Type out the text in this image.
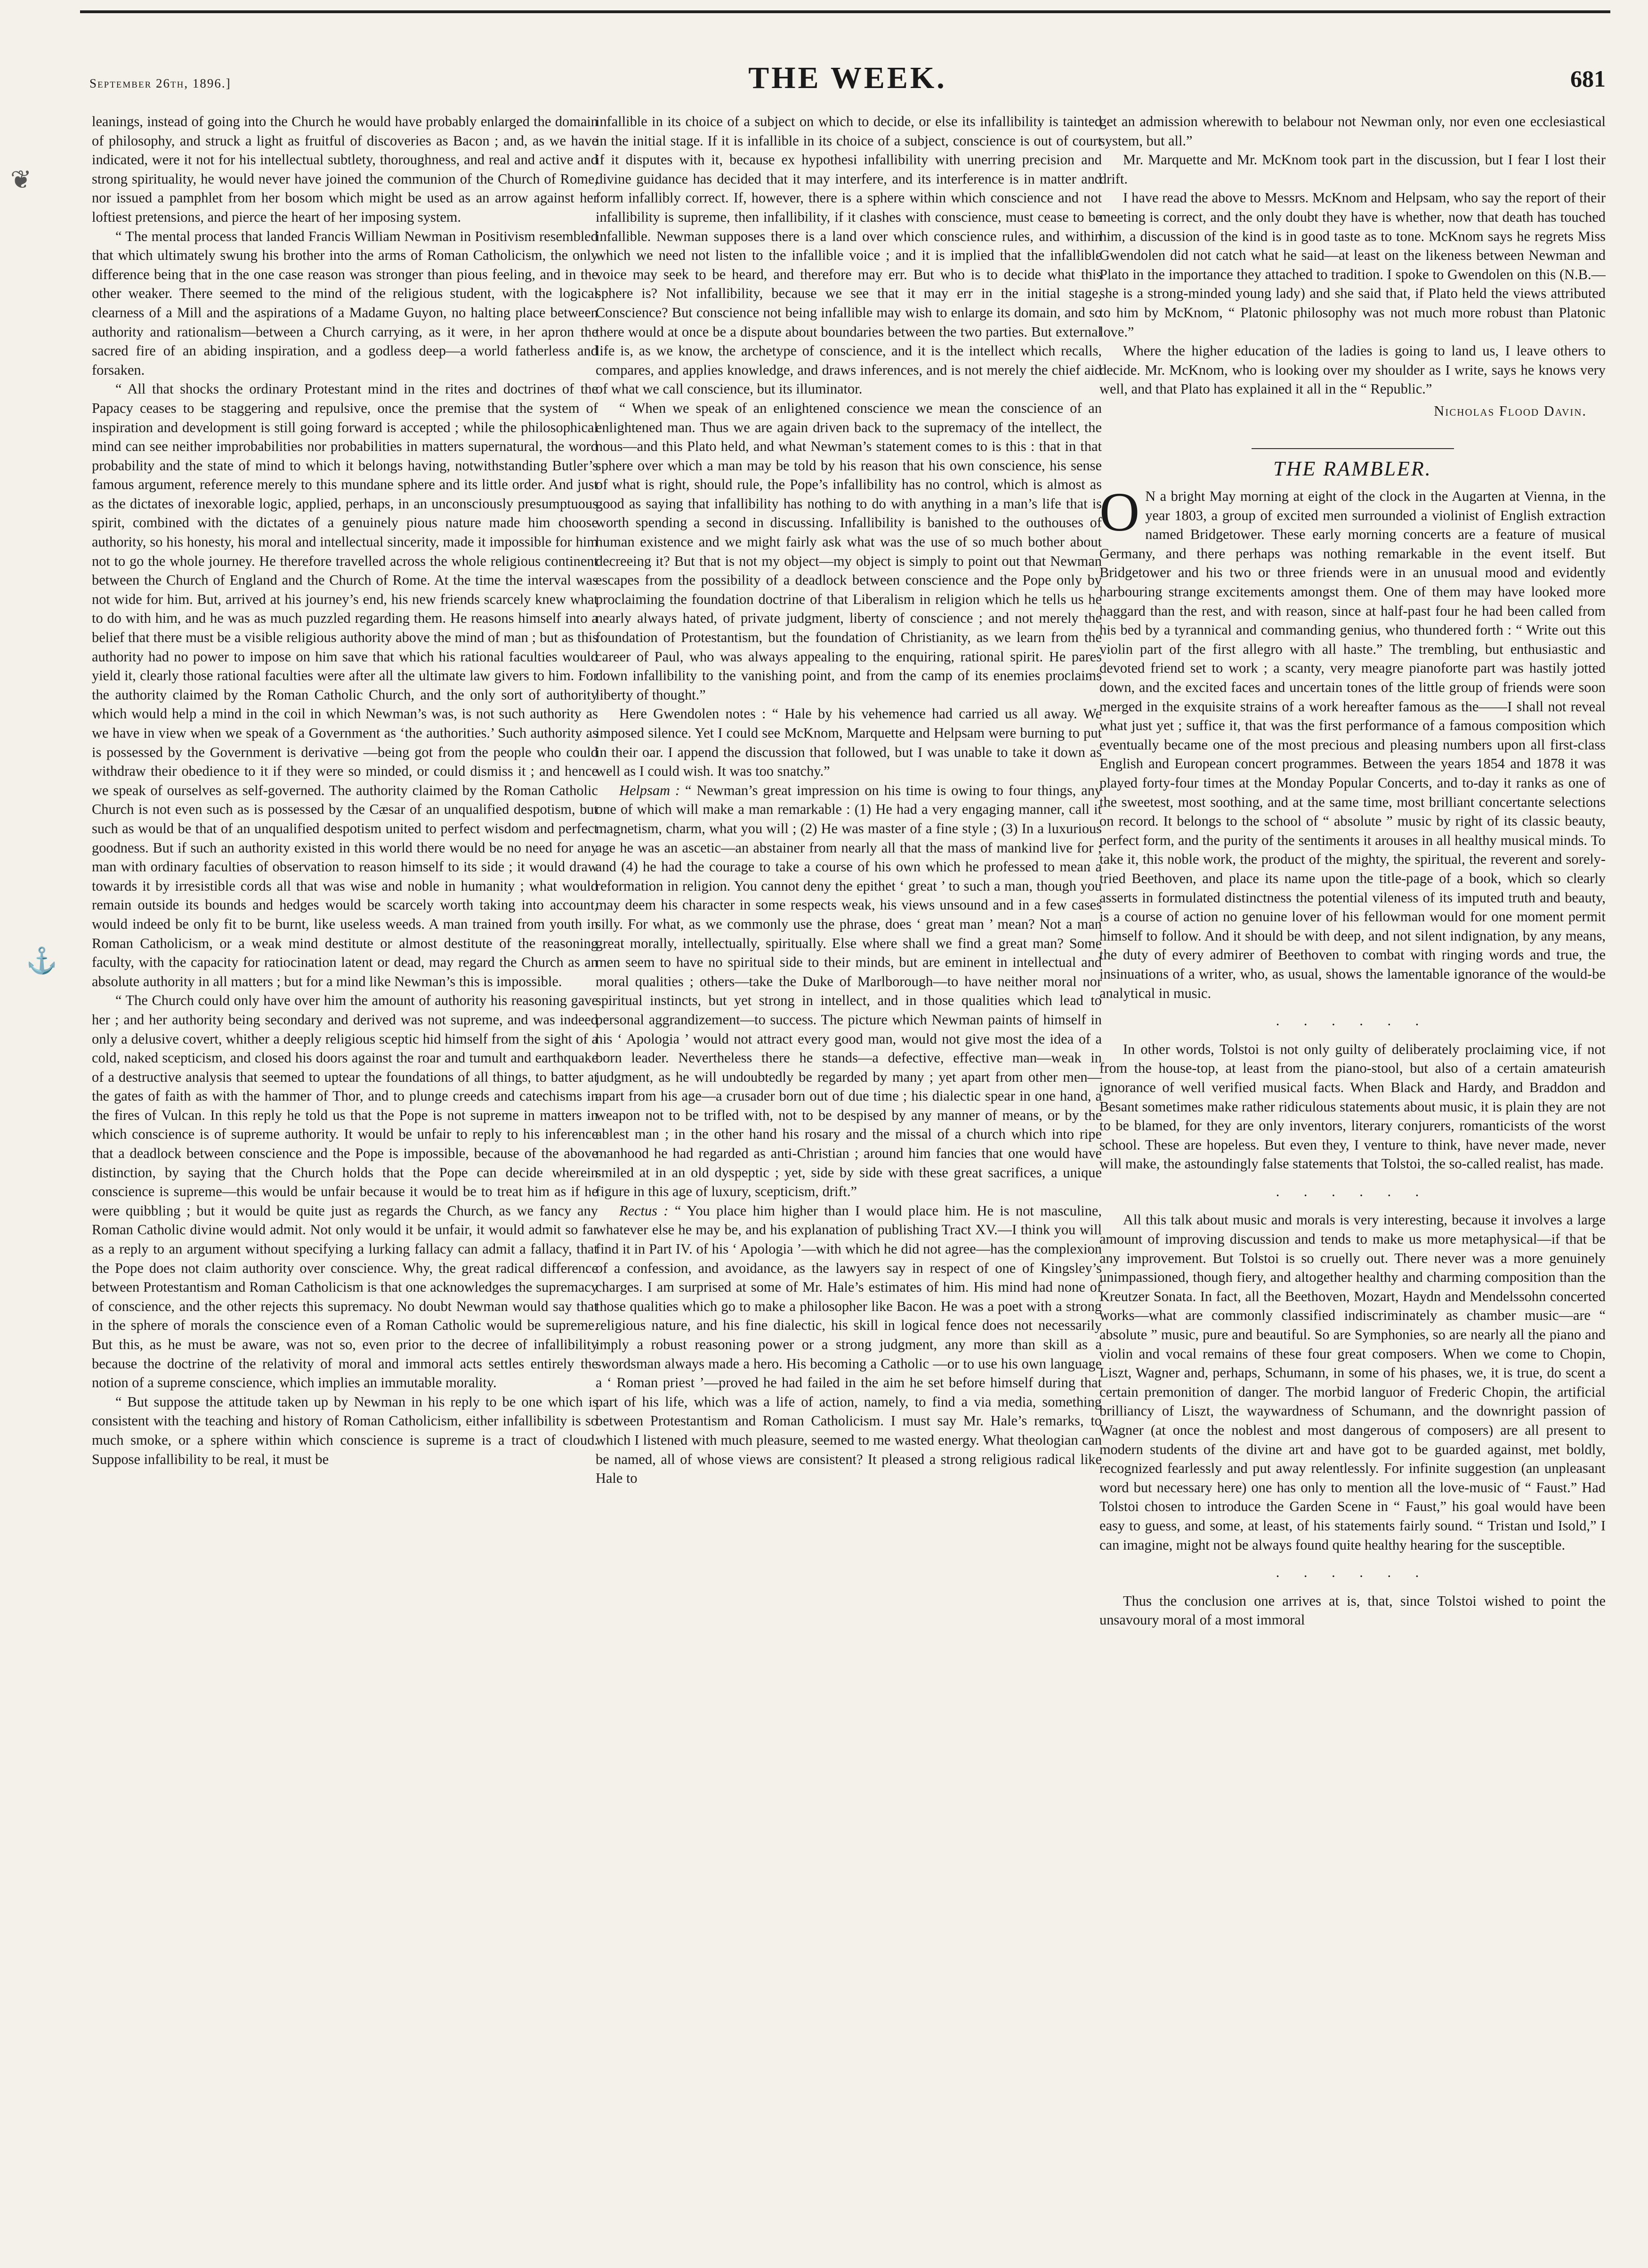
❦
⚓
September 26th, 1896.]	THE WEEK.	681

leanings, instead of going into the Church he would have probably enlarged the domain of philosophy, and struck a light as fruitful of discoveries as Bacon ; and, as we have indicated, were it not for his intellectual subtlety, thoroughness, and real and active and strong spirituality, he would never have joined the communion of the Church of Rome, nor issued a pamphlet from her bosom which might be used as an arrow against her loftiest pretensions, and pierce the heart of her imposing system.

“ The mental process that landed Francis William Newman in Positivism resembled that which ultimately swung his brother into the arms of Roman Catholicism, the only difference being that in the one case reason was stronger than pious feeling, and in the other weaker. There seemed to the mind of the religious student, with the logical clearness of a Mill and the aspirations of a Madame Guyon, no halting place between authority and rationalism—between a Church carrying, as it were, in her apron the sacred fire of an abiding inspiration, and a godless deep—a world fatherless and forsaken.

“ All that shocks the ordinary Protestant mind in the rites and doctrines of the Papacy ceases to be staggering and repulsive, once the premise that the system of inspiration and development is still going forward is accepted ; while the philosophical mind can see neither improbabilities nor probabilities in matters supernatural, the word probability and the state of mind to which it belongs having, notwithstanding Butler’s famous argument, reference merely to this mundane sphere and its little order. And just as the dictates of inexorable logic, applied, perhaps, in an unconsciously presumptuous spirit, combined with the dictates of a genuinely pious nature made him choose authority, so his honesty, his moral and intellectual sincerity, made it impossible for him not to go the whole journey. He therefore travelled across the whole religious continent between the Church of England and the Church of Rome. At the time the interval was not wide for him. But, arrived at his journey’s end, his new friends scarcely knew what to do with him, and he was as much puzzled regarding them. He reasons himself into a belief that there must be a visible religious authority above the mind of man ; but as this authority had no power to impose on him save that which his rational faculties would yield it, clearly those rational faculties were after all the ultimate law givers to him. For the authority claimed by the Roman Catholic Church, and the only sort of authority which would help a mind in the coil in which Newman’s was, is not such authority as we have in view when we speak of a Government as ‘the authorities.’ Such authority as is possessed by the Government is derivative —being got from the people who could withdraw their obedience to it if they were so minded, or could dismiss it ; and hence we speak of ourselves as self-governed. The authority claimed by the Roman Catholic Church is not even such as is possessed by the Cæsar of an unqualified despotism, but such as would be that of an unqualified despotism united to perfect wisdom and perfect goodness. But if such an authority existed in this world there would be no need for any man with ordinary faculties of observation to reason himself to its side ; it would draw towards it by irresistible cords all that was wise and noble in humanity ; what would remain outside its bounds and hedges would be scarcely worth taking into account, would indeed be only fit to be burnt, like useless weeds. A man trained from youth in Roman Catholicism, or a weak mind destitute or almost destitute of the reasoning faculty, with the capacity for ratiocination latent or dead, may regard the Church as an absolute authority in all matters ; but for a mind like Newman’s this is impossible.

“ The Church could only have over him the amount of authority his reasoning gave her ; and her authority being secondary and derived was not supreme, and was indeed only a delusive covert, whither a deeply religious sceptic hid himself from the sight of a cold, naked scepticism, and closed his doors against the roar and tumult and earthquake of a destructive analysis that seemed to uptear the foundations of all things, to batter at the gates of faith as with the hammer of Thor, and to plunge creeds and catechisms in the fires of Vulcan. In this reply he told us that the Pope is not supreme in matters in which conscience is of supreme authority. It would be unfair to reply to his inference that a deadlock between conscience and the Pope is impossible, because of the above distinction, by saying that the Church holds that the Pope can decide wherein conscience is supreme—this would be unfair because it would be to treat him as if he were quibbling ; but it would be quite just as regards the Church, as we fancy any Roman Catholic divine would admit. Not only would it be unfair, it would admit so far as a reply to an argument without specifying a lurking fallacy can admit a fallacy, that the Pope does not claim authority over conscience. Why, the great radical difference between Protestantism and Roman Catholicism is that one acknowledges the supremacy of conscience, and the other rejects this supremacy. No doubt Newman would say that in the sphere of morals the conscience even of a Roman Catholic would be supreme. But this, as he must be aware, was not so, even prior to the decree of infallibility because the doctrine of the relativity of moral and immoral acts settles entirely the notion of a supreme conscience, which implies an immutable morality.

“ But suppose the attitude taken up by Newman in his reply to be one which is consistent with the teaching and history of Roman Catholicism, either infallibility is so much smoke, or a sphere within which conscience is supreme is a tract of cloud. Suppose infallibility to be real, it must be

infallible in its choice of a subject on which to decide, or else its infallibility is tainted in the initial stage. If it is infallible in its choice of a subject, conscience is out of court if it disputes with it, because ex hypothesi infallibility with unerring precision and divine guidance has decided that it may interfere, and its interference is in matter and form infallibly correct. If, however, there is a sphere within which conscience and not infallibility is supreme, then infallibility, if it clashes with conscience, must cease to be infallible. Newman supposes there is a land over which conscience rules, and within which we need not listen to the infallible voice ; and it is implied that the infallible voice may seek to be heard, and therefore may err. But who is to decide what this sphere is? Not infallibility, because we see that it may err in the initial stage, Conscience? But conscience not being infallible may wish to enlarge its domain, and so there would at once be a dispute about boundaries between the two parties. But external life is, as we know, the archetype of conscience, and it is the intellect which recalls, compares, and applies knowledge, and draws inferences, and is not merely the chief aid of what we call conscience, but its illuminator.

“ When we speak of an enlightened conscience we mean the conscience of an enlightened man. Thus we are again driven back to the supremacy of the intellect, the nous—and this Plato held, and what Newman’s statement comes to is this : that in that sphere over which a man may be told by his reason that his own conscience, his sense of what is right, should rule, the Pope’s infallibility has no control, which is almost as good as saying that infallibility has nothing to do with anything in a man’s life that is worth spending a second in discussing. Infallibility is banished to the outhouses of human existence and we might fairly ask what was the use of so much bother about decreeing it? But that is not my object—my object is simply to point out that Newman escapes from the possibility of a deadlock between conscience and the Pope only by proclaiming the foundation doctrine of that Liberalism in religion which he tells us he nearly always hated, of private judgment, liberty of conscience ; and not merely the foundation of Protestantism, but the foundation of Christianity, as we learn from the career of Paul, who was always appealing to the enquiring, rational spirit. He pares down infallibility to the vanishing point, and from the camp of its enemies proclaims liberty of thought.”

Here Gwendolen notes : “ Hale by his vehemence had carried us all away. We imposed silence. Yet I could see McKnom, Marquette and Helpsam were burning to put in their oar. I append the discussion that followed, but I was unable to take it down as well as I could wish. It was too snatchy.”

Helpsam : “ Newman’s great impression on his time is owing to four things, any one of which will make a man remarkable : (1) He had a very engaging manner, call it magnetism, charm, what you will ; (2) He was master of a fine style ; (3) In a luxurious age he was an ascetic—an abstainer from nearly all that the mass of mankind live for ; and (4) he had the courage to take a course of his own which he professed to mean a reformation in religion. You cannot deny the epithet ‘ great ’ to such a man, though you may deem his character in some respects weak, his views unsound and in a few cases silly. For what, as we commonly use the phrase, does ‘ great man ’ mean? Not a man great morally, intellectually, spiritually. Else where shall we find a great man? Some men seem to have no spiritual side to their minds, but are eminent in intellectual and moral qualities ; others—take the Duke of Marlborough—to have neither moral nor spiritual instincts, but yet strong in intellect, and in those qualities which lead to personal aggrandizement—to success. The picture which Newman paints of himself in his ‘ Apologia ’ would not attract every good man, would not give most the idea of a born leader. Nevertheless there he stands—a defective, effective man—weak in judgment, as he will undoubtedly be regarded by many ; yet apart from other men—apart from his age—a crusader born out of due time ; his dialectic spear in one hand, a weapon not to be trifled with, not to be despised by any manner of means, or by the ablest man ; in the other hand his rosary and the missal of a church which into ripe manhood he had regarded as anti-Christian ; around him fancies that one would have smiled at in an old dyspeptic ; yet, side by side with these great sacrifices, a unique figure in this age of luxury, scepticism, drift.”

Rectus : “ You place him higher than I would place him. He is not masculine, whatever else he may be, and his explanation of publishing Tract XV.—I think you will find it in Part IV. of his ‘ Apologia ’—with which he did not agree—has the complexion of a confession, and avoidance, as the lawyers say in respect of one of Kingsley’s charges. I am surprised at some of Mr. Hale’s estimates of him. His mind had none of those qualities which go to make a philosopher like Bacon. He was a poet with a strong religious nature, and his fine dialectic, his skill in logical fence does not necessarily imply a robust reasoning power or a strong judgment, any more than skill as a swordsman always made a hero. His becoming a Catholic —or to use his own language a ‘ Roman priest ’—proved he had failed in the aim he set before himself during that part of his life, which was a life of action, namely, to find a via media, something between Protestantism and Roman Catholicism. I must say Mr. Hale’s remarks, to which I listened with much pleasure, seemed to me wasted energy. What theologian can be named, all of whose views are consistent? It pleased a strong religious radical like Hale to

get an admission wherewith to belabour not Newman only, nor even one ecclesiastical system, but all.”

Mr. Marquette and Mr. McKnom took part in the discussion, but I fear I lost their drift.

I have read the above to Messrs. McKnom and Helpsam, who say the report of their meeting is correct, and the only doubt they have is whether, now that death has touched him, a discussion of the kind is in good taste as to tone. McKnom says he regrets Miss Gwendolen did not catch what he said—at least on the likeness between Newman and Plato in the importance they attached to tradition. I spoke to Gwendolen on this (N.B.—she is a strong-minded young lady) and she said that, if Plato held the views attributed to him by McKnom, “ Platonic philosophy was not much more robust than Platonic love.”

Where the higher education of the ladies is going to land us, I leave others to decide. Mr. McKnom, who is looking over my shoulder as I write, says he knows very well, and that Plato has explained it all in the “ Republic.”

Nicholas Flood Davin.
THE RAMBLER.

O N a bright May morning at eight of the clock in the Augarten at Vienna, in the year 1803, a group of excited men surrounded a violinist of English extraction named Bridgetower. These early morning concerts are a feature of musical Germany, and there perhaps was nothing remarkable in the event itself. But Bridgetower and his two or three friends were in an unusual mood and evidently harbouring strange excitements amongst them. One of them may have looked more haggard than the rest, and with reason, since at half-past four he had been called from his bed by a tyrannical and commanding genius, who thundered forth : “ Write out this violin part of the first allegro with all haste.” The trembling, but enthusiastic and devoted friend set to work ; a scanty, very meagre pianoforte part was hastily jotted down, and the excited faces and uncertain tones of the little group of friends were soon merged in the exquisite strains of a work hereafter famous as the——I shall not reveal what just yet ; suffice it, that was the first performance of a famous composition which eventually became one of the most precious and pleasing numbers upon all first-class English and European concert programmes. Between the years 1854 and 1878 it was played forty-four times at the Monday Popular Concerts, and to-day it ranks as one of the sweetest, most soothing, and at the same time, most brilliant concertante selections on record. It belongs to the school of “ absolute ” music by right of its classic beauty, perfect form, and the purity of the sentiments it arouses in all healthy musical minds. To take it, this noble work, the product of the mighty, the spiritual, the reverent and sorely-tried Beethoven, and place its name upon the title-page of a book, which so clearly asserts in formulated distinctness the potential vileness of its imputed truth and beauty, is a course of action no genuine lover of his fellowman would for one moment permit himself to follow. And it should be with deep, and not silent indignation, by any means, the duty of every admirer of Beethoven to combat with ringing words and true, the insinuations of a writer, who, as usual, shows the lamentable ignorance of the would-be analytical in music.

. . . . . .

In other words, Tolstoi is not only guilty of deliberately proclaiming vice, if not from the house-top, at least from the piano-stool, but also of a certain amateurish ignorance of well verified musical facts. When Black and Hardy, and Braddon and Besant sometimes make rather ridiculous statements about music, it is plain they are not to be blamed, for they are only inventors, literary conjurers, romanticists of the worst school. These are hopeless. But even they, I venture to think, have never made, never will make, the astoundingly false statements that Tolstoi, the so-called realist, has made.

. . . . . .

All this talk about music and morals is very interesting, because it involves a large amount of improving discussion and tends to make us more metaphysical—if that be any improvement. But Tolstoi is so cruelly out. There never was a more genuinely unimpassioned, though fiery, and altogether healthy and charming composition than the Kreutzer Sonata. In fact, all the Beethoven, Mozart, Haydn and Mendelssohn concerted works—what are commonly classified indiscriminately as chamber music—are “ absolute ” music, pure and beautiful. So are Symphonies, so are nearly all the piano and violin and vocal remains of these four great composers. When we come to Chopin, Liszt, Wagner and, perhaps, Schumann, in some of his phases, we, it is true, do scent a certain premonition of danger. The morbid languor of Frederic Chopin, the artificial brilliancy of Liszt, the waywardness of Schumann, and the downright passion of Wagner (at once the noblest and most dangerous of composers) are all present to modern students of the divine art and have got to be guarded against, met boldly, recognized fearlessly and put away relentlessly. For infinite suggestion (an unpleasant word but necessary here) one has only to mention all the love-music of “ Faust.” Had Tolstoi chosen to introduce the Garden Scene in “ Faust,” his goal would have been easy to guess, and some, at least, of his statements fairly sound. “ Tristan und Isold,” I can imagine, might not be always found quite healthy hearing for the susceptible.

. . . . . .

Thus the conclusion one arrives at is, that, since Tolstoi wished to point the unsavoury moral of a most immoral
